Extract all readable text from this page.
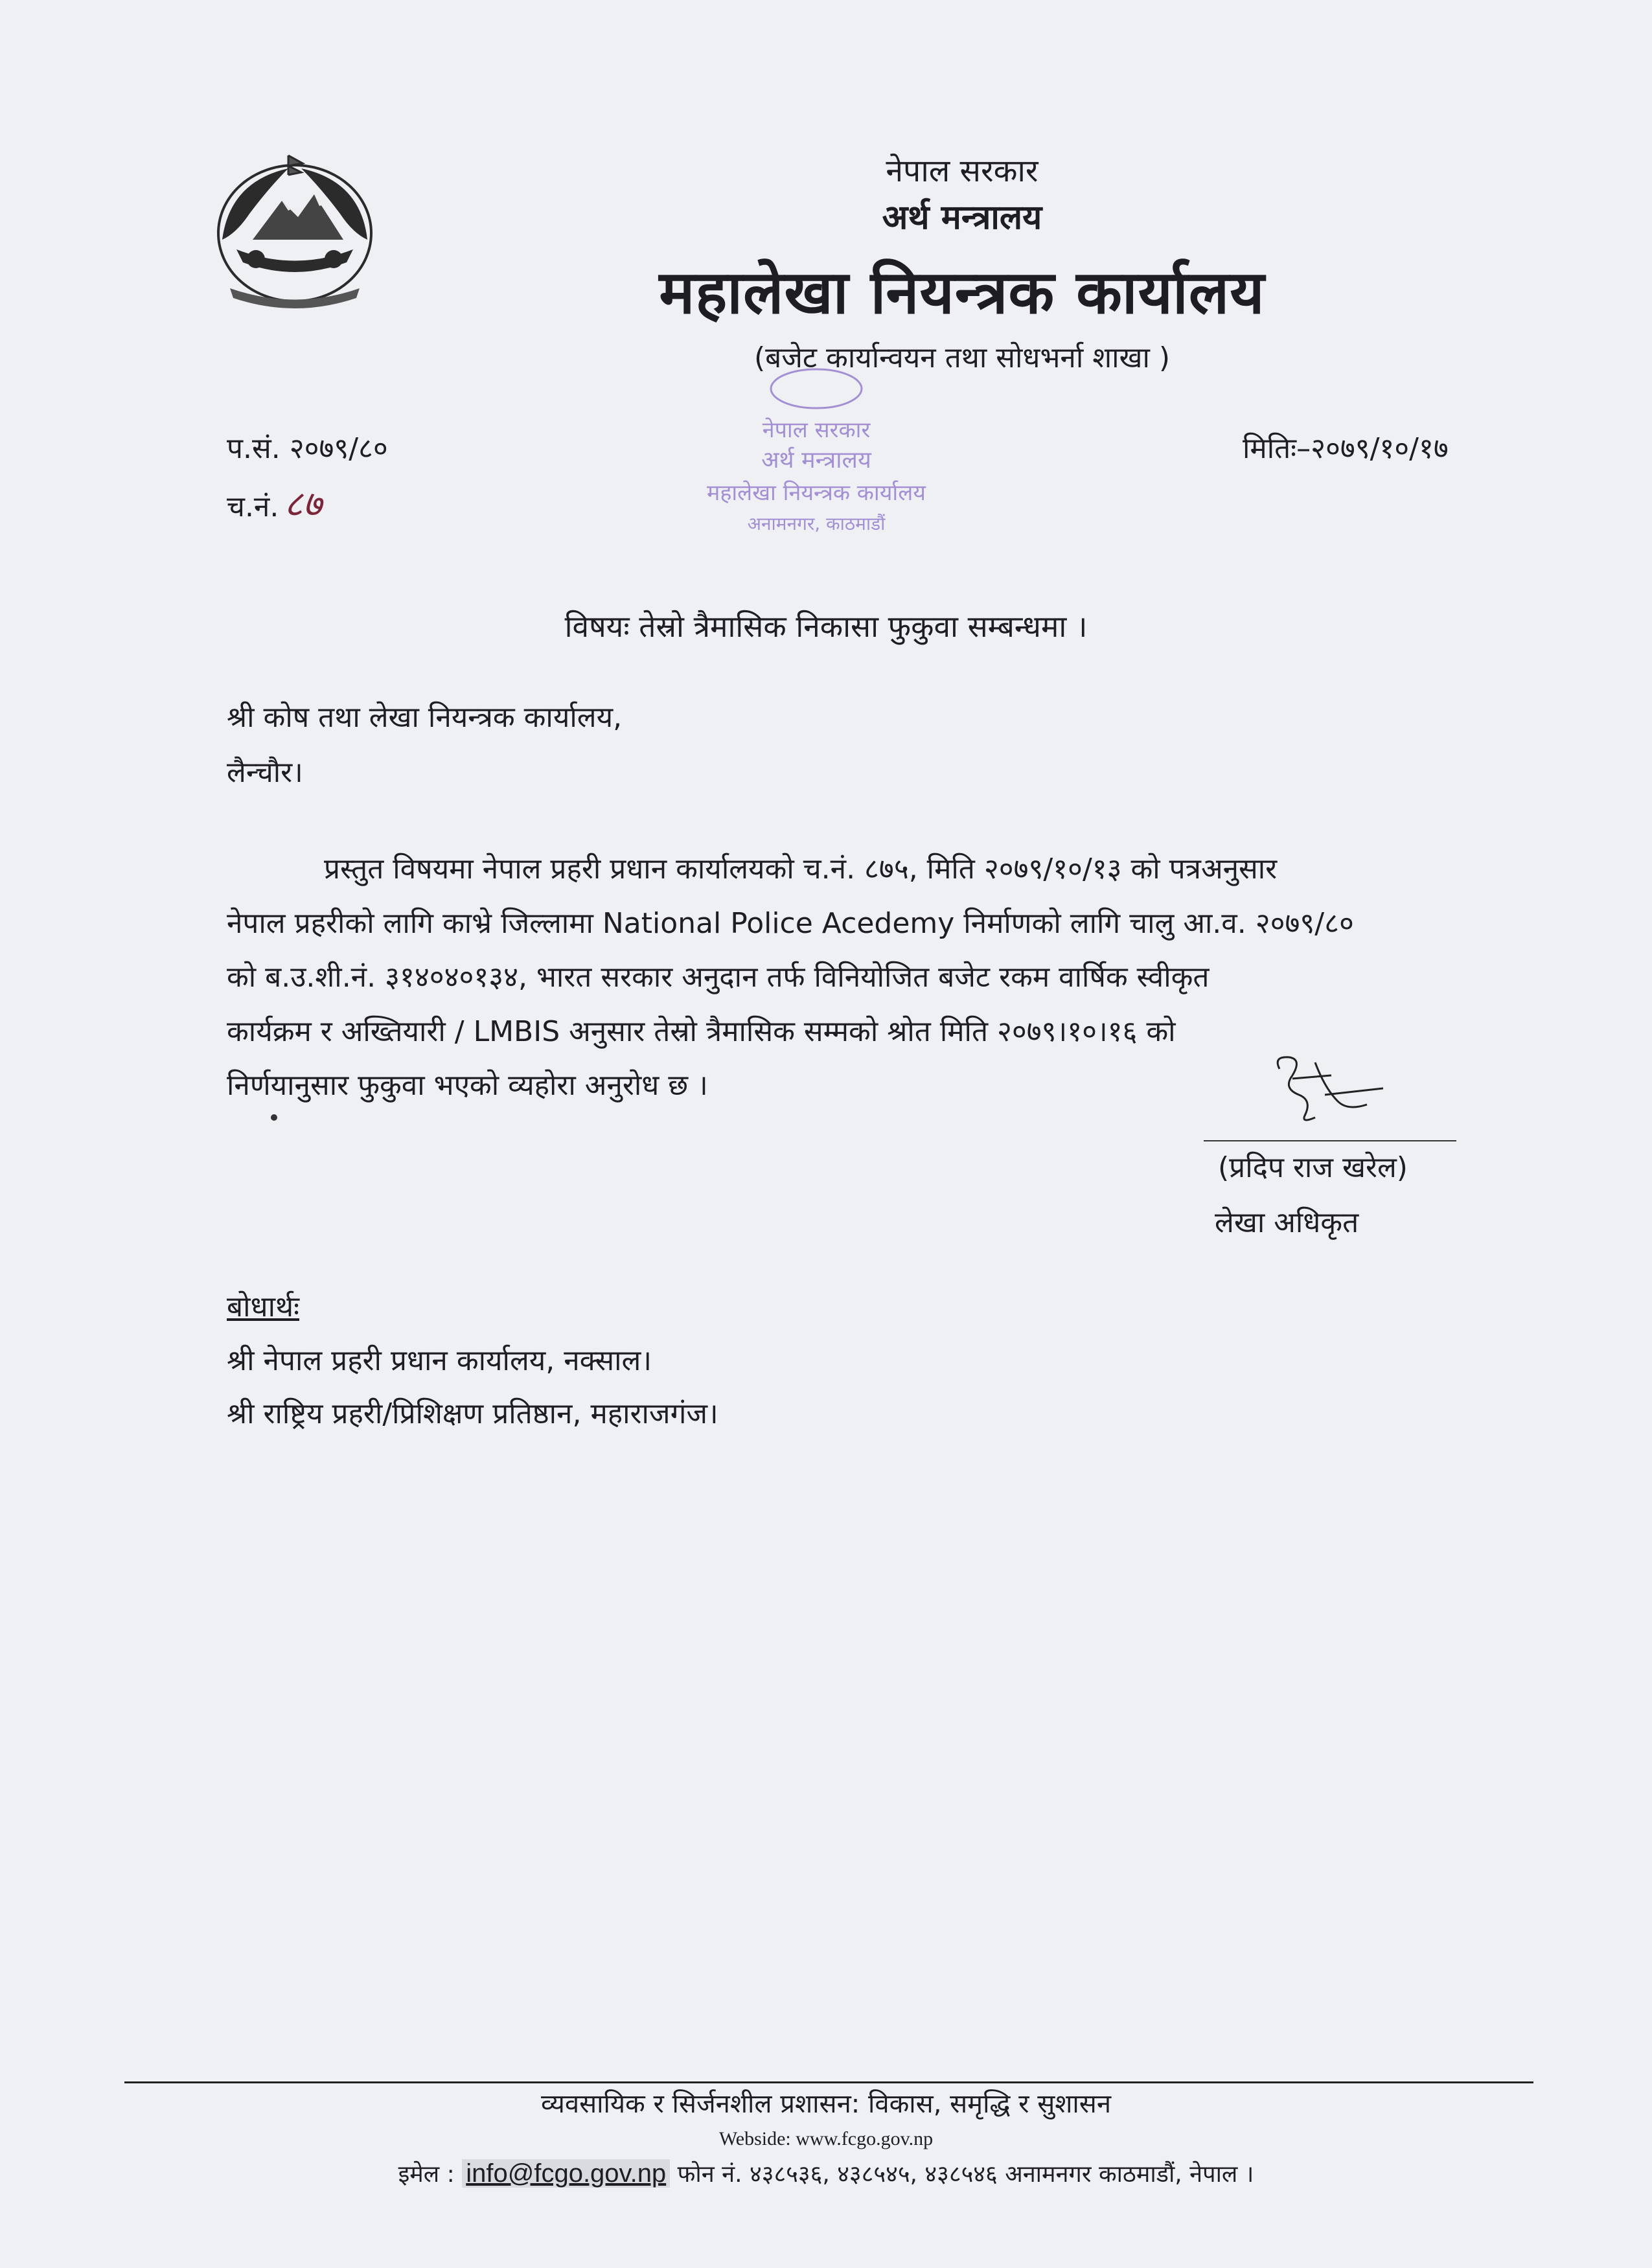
नेपाल सरकार
अर्थ मन्त्रालय
महालेखा नियन्त्रक कार्यालय
(बजेट कार्यान्वयन तथा सोधभर्ना शाखा )
नेपाल सरकार
अर्थ मन्त्रालय
महालेखा नियन्त्रक कार्यालय
अनामनगर, काठमाडौं
प.सं. २०७९/८०
च.नं. ८७
मितिः–२०७९/१०/१७
विषयः तेस्रो त्रैमासिक निकासा फुकुवा सम्बन्धमा ।
श्री कोष तथा लेखा नियन्त्रक कार्यालय,
लैन्चौर।
प्रस्तुत विषयमा नेपाल प्रहरी प्रधान कार्यालयको च.नं. ८७५, मिति २०७९/१०/१३ को पत्रअनुसार
नेपाल प्रहरीको लागि काभ्रे जिल्लामा National Police Acedemy निर्माणको लागि चालु आ.व. २०७९/८०
को ब.उ.शी.नं. ३१४०४०१३४, भारत सरकार अनुदान तर्फ विनियोजित बजेट रकम वार्षिक स्वीकृत
कार्यक्रम र अख्तियारी / LMBIS अनुसार तेस्रो त्रैमासिक सम्मको श्रोत मिति २०७९।१०।१६ को
निर्णयानुसार फुकुवा भएको व्यहोरा अनुरोध छ ।
(प्रदिप राज खरेल)
लेखा अधिकृत
बोधार्थः
श्री नेपाल प्रहरी प्रधान कार्यालय, नक्साल।
श्री राष्ट्रिय प्रहरी/प्रिशिक्षण प्रतिष्ठान, महाराजगंज।
व्यवसायिक र सिर्जनशील प्रशासन: विकास, समृद्धि र सुशासन
Webside: www.fcgo.gov.np
इमेल : info@fcgo.gov.np फोन नं. ४३८५३६, ४३८५४५, ४३८५४६ अनामनगर काठमाडौं, नेपाल ।
